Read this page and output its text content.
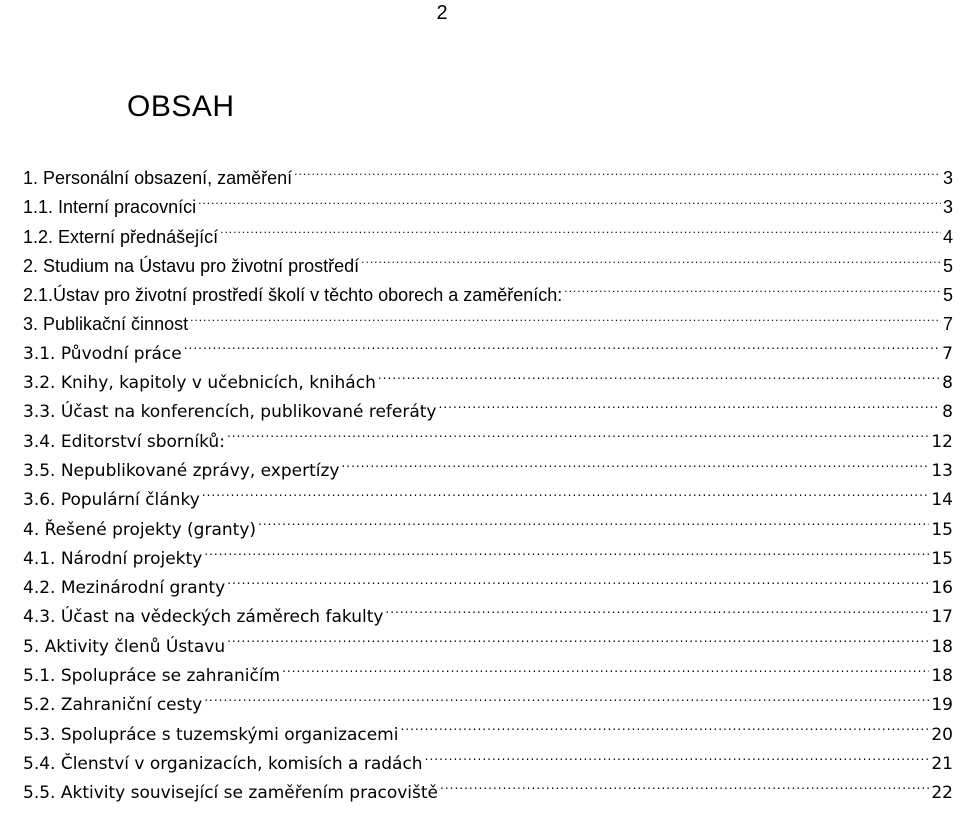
2
OBSAH
1. Personální obsazení, zaměření .....	3
1.1. Interní pracovníci .....	3
1.2. Externí přednášející .....	4
2. Studium na Ústavu pro životní prostředí .....	5
2.1.Ústav pro životní prostředí školí v těchto oborech a zaměřeních: .....	5
3. Publikační činnost .....	7
3.1. Původní práce .....	7
3.2. Knihy, kapitoly v učebnicích, knihách .....	8
3.3. Účast na konferencích, publikované referáty .....	8
3.4. Editorství sborníků: .....	12
3.5. Nepublikované zprávy, expertízy .....	13
3.6. Populární články .....	14
4. Řešené projekty (granty) .....	15
4.1. Národní projekty .....	15
4.2. Mezinárodní granty .....	16
4.3. Účast na vědeckých záměrech fakulty .....	17
5. Aktivity členů Ústavu .....	18
5.1. Spolupráce se zahraničím .....	18
5.2. Zahraniční cesty .....	19
5.3. Spolupráce s tuzemskými organizacemi .....	20
5.4. Členství v organizacích, komisích a radách .....	21
5.5. Aktivity související se zaměřením pracoviště .....	22
